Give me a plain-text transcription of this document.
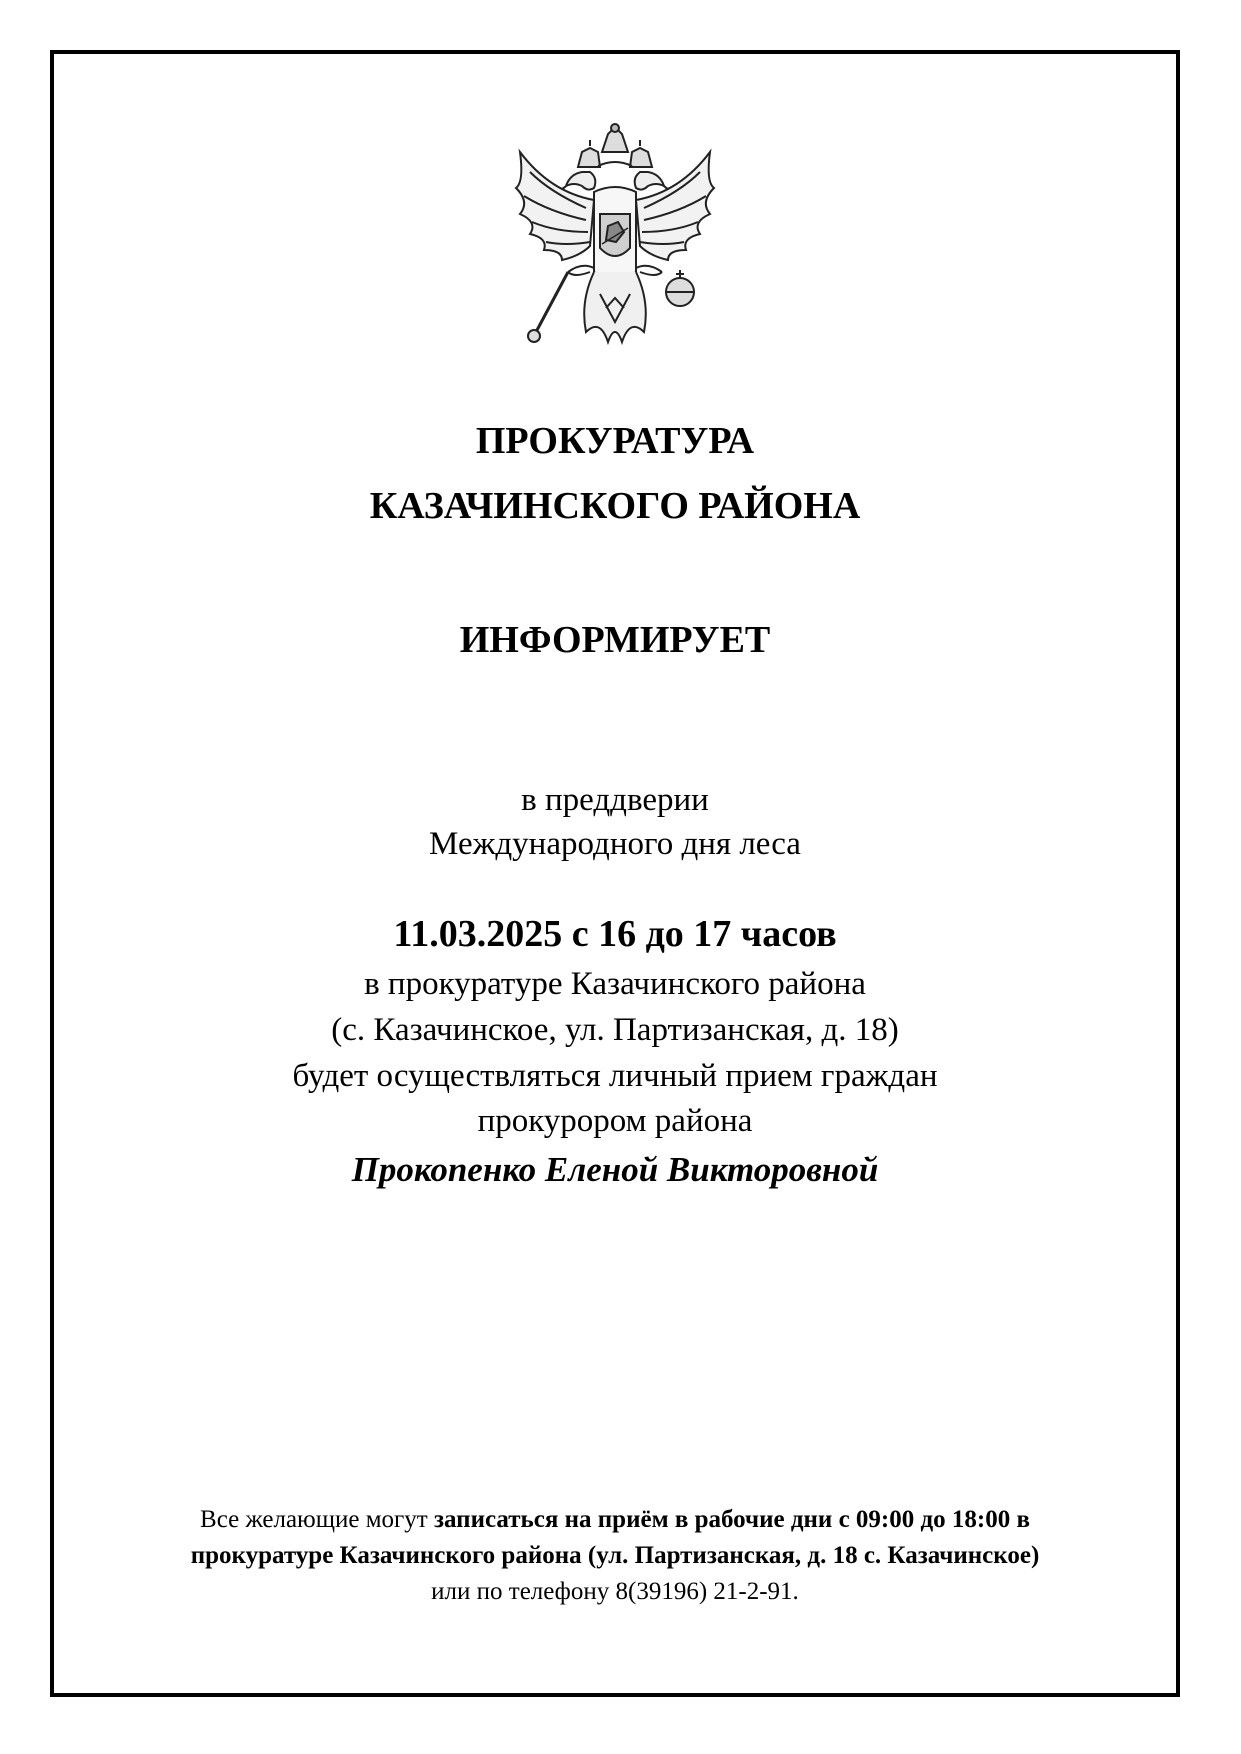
ПРОКУРАТУРА
КАЗАЧИНСКОГО РАЙОНА
ИНФОРМИРУЕТ
в преддверии
Международного дня леса
11.03.2025 с 16 до 17 часов
в прокуратуре Казачинского района
(с. Казачинское, ул. Партизанская, д. 18)
будет осуществляться личный прием граждан
прокурором района
Прокопенко Еленой Викторовной
Все желающие могут записаться на приём в рабочие дни с 09:00 до 18:00 в
прокуратуре Казачинского района (ул. Партизанская, д. 18 с. Казачинское)
или по телефону 8(39196) 21-2-91.
